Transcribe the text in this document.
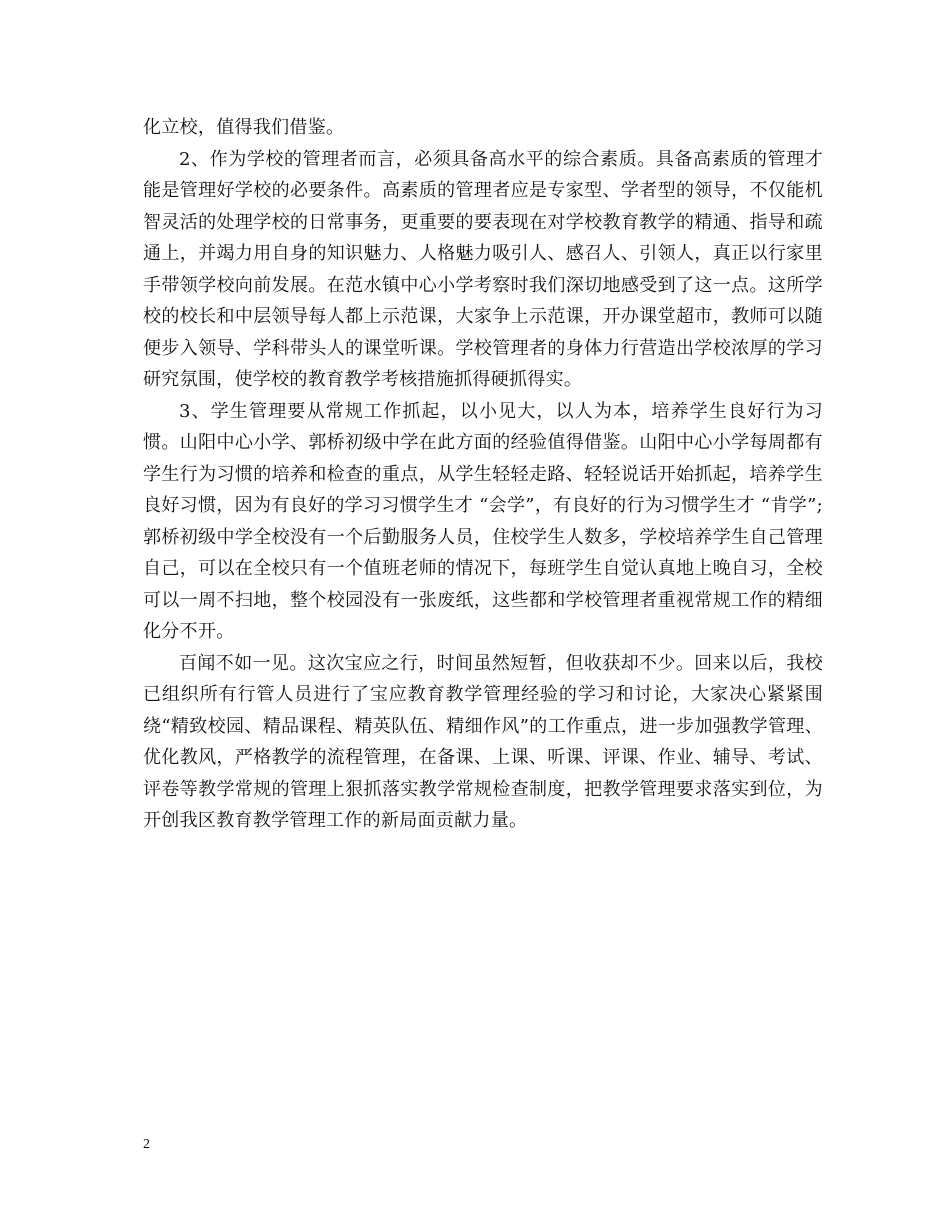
化立校，值得我们借鉴。

2、作为学校的管理者而言，必须具备高水平的综合素质。具备高素质的管理才能是管理好学校的必要条件。高素质的管理者应是专家型、学者型的领导，不仅能机智灵活的处理学校的日常事务，更重要的要表现在对学校教育教学的精通、指导和疏通上，并竭力用自身的知识魅力、人格魅力吸引人、感召人、引领人，真正以行家里手带领学校向前发展。在范水镇中心小学考察时我们深切地感受到了这一点。这所学校的校长和中层领导每人都上示范课，大家争上示范课，开办课堂超市，教师可以随便步入领导、学科带头人的课堂听课。学校管理者的身体力行营造出学校浓厚的学习研究氛围，使学校的教育教学考核措施抓得硬抓得实。

3、学生管理要从常规工作抓起，以小见大，以人为本，培养学生良好行为习惯。山阳中心小学、郭桥初级中学在此方面的经验值得借鉴。山阳中心小学每周都有学生行为习惯的培养和检查的重点，从学生轻轻走路、轻轻说话开始抓起，培养学生良好习惯，因为有良好的学习习惯学生才 “会学”，有良好的行为习惯学生才 “肯学”;郭桥初级中学全校没有一个后勤服务人员，住校学生人数多，学校培养学生自己管理自己，可以在全校只有一个值班老师的情况下，每班学生自觉认真地上晚自习，全校可以一周不扫地，整个校园没有一张废纸，这些都和学校管理者重视常规工作的精细化分不开。

百闻不如一见。这次宝应之行，时间虽然短暂，但收获却不少。回来以后，我校已组织所有行管人员进行了宝应教育教学管理经验的学习和讨论，大家决心紧紧围绕“精致校园、精品课程、精英队伍、精细作风”的工作重点，进一步加强教学管理、优化教风，严格教学的流程管理，在备课、上课、听课、评课、作业、辅导、考试、评卷等教学常规的管理上狠抓落实教学常规检查制度，把教学管理要求落实到位，为开创我区教育教学管理工作的新局面贡献力量。

2
